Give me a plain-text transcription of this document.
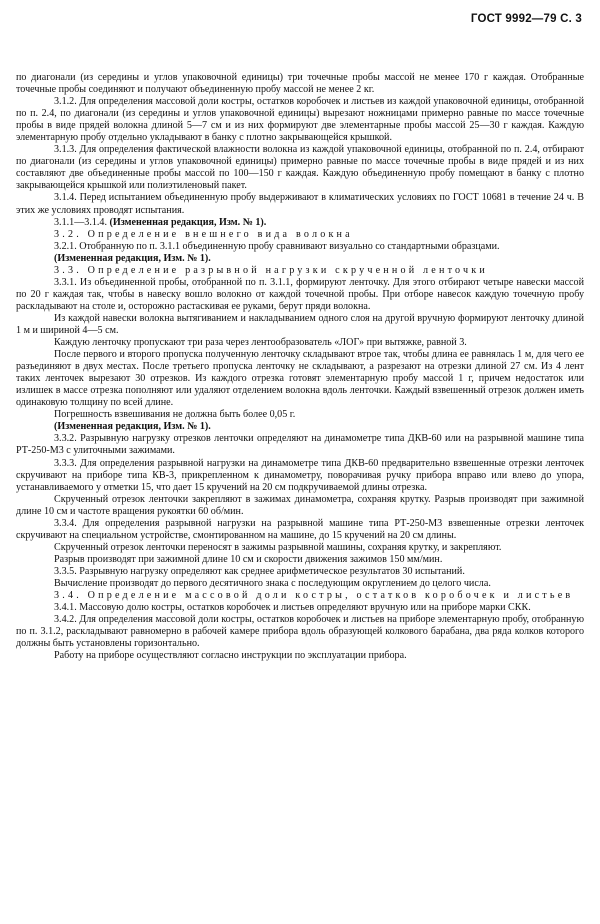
ГОСТ 9992—79 С. 3

по диагонали (из середины и углов упаковочной единицы) три точечные пробы массой не менее 170 г каждая. Отобранные точечные пробы соединяют и получают объединенную пробу массой не менее 2 кг.

3.1.2. Для определения массовой доли костры, остатков коробочек и листьев из каждой упаковочной единицы, отобранной по п. 2.4, по диагонали (из середины и углов упаковочной единицы) вырезают ножницами примерно равные по массе точечные пробы в виде прядей волокна длиной 5—7 см и из них формируют две элементарные пробы массой 25—30 г каждая. Каждую элементарную пробу отдельно укладывают в банку с плотно закрывающейся крышкой.

3.1.3. Для определения фактической влажности волокна из каждой упаковочной единицы, отобранной по п. 2.4, отбирают по диагонали (из середины и углов упаковочной единицы) примерно равные по массе точечные пробы в виде прядей и из них составляют две объединенные пробы массой по 100—150 г каждая. Каждую объединенную пробу помещают в банку с плотно закрывающейся крышкой или полиэтиленовый пакет.

3.1.4. Перед испытанием объединенную пробу выдерживают в климатических условиях по ГОСТ 10681 в течение 24 ч. В этих же условиях проводят испытания.

3.1.1—3.1.4. (Измененная редакция, Изм. № 1).

3.2. Определение внешнего вида волокна

3.2.1. Отобранную по п. 3.1.1 объединенную пробу сравнивают визуально со стандартными образцами.

(Измененная редакция, Изм. № 1).

3.3. Определение разрывной нагрузки скрученной ленточки

3.3.1. Из объединенной пробы, отобранной по п. 3.1.1, формируют ленточку. Для этого отбирают четыре навески массой по 20 г каждая так, чтобы в навеску вошло волокно от каждой точечной пробы. При отборе навесок каждую точечную пробу раскладывают на столе и, осторожно растаскивая ее руками, берут пряди волокна.

Из каждой навески волокна вытягиванием и накладыванием одного слоя на другой вручную формируют ленточку длиной 1 м и шириной 4—5 см.

Каждую ленточку пропускают три раза через лентообразователь «ЛОГ» при вытяжке, равной 3.

После первого и второго пропуска полученную ленточку складывают втрое так, чтобы длина ее равнялась 1 м, для чего ее разъединяют в двух местах. После третьего пропуска ленточку не складывают, а разрезают на отрезки длиной 27 см. Из 4 лент таких ленточек вырезают 30 отрезков. Из каждого отрезка готовят элементарную пробу массой 1 г, причем недостаток или излишек в массе отрезка пополняют или удаляют отделением волокна вдоль ленточки. Каждый взвешенный отрезок должен иметь одинаковую толщину по всей длине.

Погрешность взвешивания не должна быть более 0,05 г.

(Измененная редакция, Изм. № 1).

3.3.2. Разрывную нагрузку отрезков ленточки определяют на динамометре типа ДКВ-60 или на разрывной машине типа РТ-250-М3 с улиточными зажимами.

3.3.3. Для определения разрывной нагрузки на динамометре типа ДКВ-60 предварительно взвешенные отрезки ленточек скручивают на приборе типа КВ-3, прикрепленном к динамометру, поворачивая ручку прибора вправо или влево до упора, устанавливаемого у отметки 15, что дает 15 кручений на 20 см подкручиваемой длины отрезка.

Скрученный отрезок ленточки закрепляют в зажимах динамометра, сохраняя крутку. Разрыв производят при зажимной длине 10 см и частоте вращения рукоятки 60 об/мин.

3.3.4. Для определения разрывной нагрузки на разрывной машине типа РТ-250-М3 взвешенные отрезки ленточек скручивают на специальном устройстве, смонтированном на машине, до 15 кручений на 20 см длины.

Скрученный отрезок ленточки переносят в зажимы разрывной машины, сохраняя крутку, и закрепляют.

Разрыв производят при зажимной длине 10 см и скорости движения зажимов 150 мм/мин.

3.3.5. Разрывную нагрузку определяют как среднее арифметическое результатов 30 испытаний.

Вычисление производят до первого десятичного знака с последующим округлением до целого числа.

3.4. Определение массовой доли костры, остатков коробочек и листьев

3.4.1. Массовую долю костры, остатков коробочек и листьев определяют вручную или на приборе марки СКК.

3.4.2. Для определения массовой доли костры, остатков коробочек и листьев на приборе элементарную пробу, отобранную по п. 3.1.2, раскладывают равномерно в рабочей камере прибора вдоль образующей колкового барабана, два ряда колков которого должны быть установлены горизонтально.

Работу на приборе осуществляют согласно инструкции по эксплуатации прибора.
